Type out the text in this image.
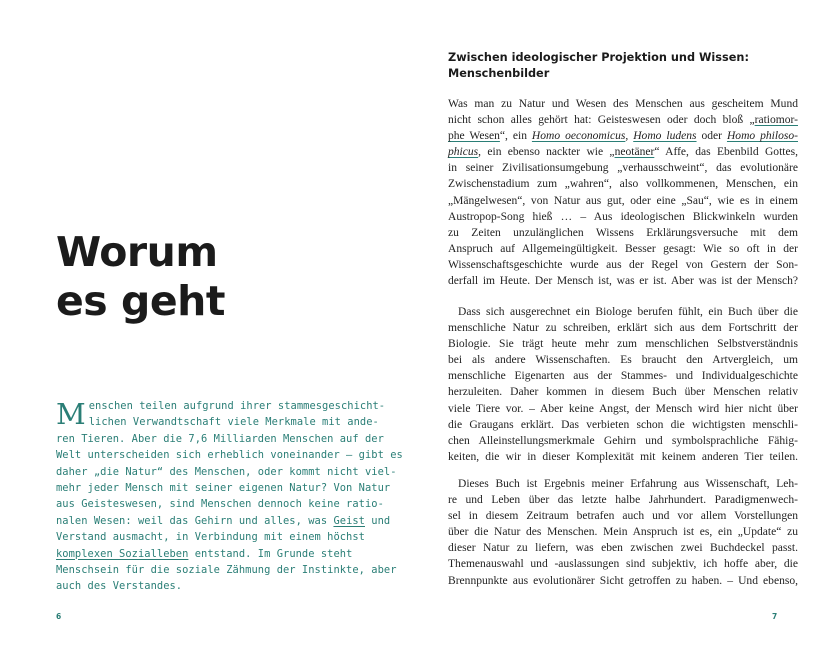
Worum
es geht

M enschen teilen aufgrund ihrer stammesgeschicht-
lichen Verwandtschaft viele Merkmale mit ande-
ren Tieren. Aber die 7,6 Milliarden Menschen auf der
Welt unterscheiden sich erheblich voneinander – gibt es
daher „die Natur“ des Menschen, oder kommt nicht viel-
mehr jeder Mensch mit seiner eigenen Natur? Von Natur
aus Geisteswesen, sind Menschen dennoch keine ratio-
nalen Wesen: weil das Gehirn und alles, was Geist und
Verstand ausmacht, in Verbindung mit einem höchst
komplexen Sozialleben entstand. Im Grunde steht
Menschsein für die soziale Zähmung der Instinkte, aber
auch des Verstandes.

6

Zwischen ideologischer Projektion und Wissen:
Menschenbilder

Was man zu Natur und Wesen des Menschen aus gescheitem Mund
nicht schon alles gehört hat: Geisteswesen oder doch bloß „ratiomor-
phe Wesen“, ein Homo oeconomicus, Homo ludens oder Homo philoso-
phicus, ein ebenso nackter wie „neotäner“ Affe, das Ebenbild Gottes,
in seiner Zivilisationsumgebung „verhausschweint“, das evolutionäre
Zwischenstadium zum „wahren“, also vollkommenen, Menschen, ein
„Mängelwesen“, von Natur aus gut, oder eine „Sau“, wie es in einem
Austropop-Song hieß … – Aus ideologischen Blickwinkeln wurden
zu Zeiten unzulänglichen Wissens Erklärungsversuche mit dem
Anspruch auf Allgemeingültigkeit. Besser gesagt: Wie so oft in der
Wissenschaftsgeschichte wurde aus der Regel von Gestern der Son-
derfall im Heute. Der Mensch ist, was er ist. Aber was ist der Mensch?

Dass sich ausgerechnet ein Biologe berufen fühlt, ein Buch über die
menschliche Natur zu schreiben, erklärt sich aus dem Fortschritt der
Biologie. Sie trägt heute mehr zum menschlichen Selbstverständnis
bei als andere Wissenschaften. Es braucht den Artvergleich, um
menschliche Eigenarten aus der Stammes- und Individualgeschichte
herzuleiten. Daher kommen in diesem Buch über Menschen relativ
viele Tiere vor. – Aber keine Angst, der Mensch wird hier nicht über
die Graugans erklärt. Das verbieten schon die wichtigsten menschli-
chen Alleinstellungsmerkmale Gehirn und symbolsprachliche Fähig-
keiten, die wir in dieser Komplexität mit keinem anderen Tier teilen.

Dieses Buch ist Ergebnis meiner Erfahrung aus Wissenschaft, Leh-
re und Leben über das letzte halbe Jahrhundert. Paradigmenwech-
sel in diesem Zeitraum betrafen auch und vor allem Vorstellungen
über die Natur des Menschen. Mein Anspruch ist es, ein „Update“ zu
dieser Natur zu liefern, was eben zwischen zwei Buchdeckel passt.
Themenauswahl und -auslassungen sind subjektiv, ich hoffe aber, die
Brennpunkte aus evolutionärer Sicht getroffen zu haben. – Und ebenso,

7
